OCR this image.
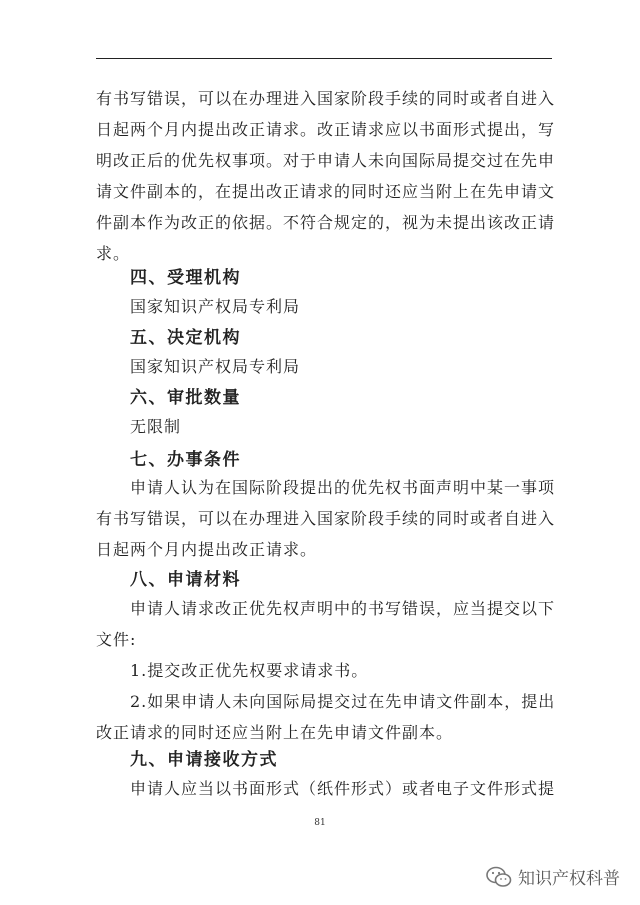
有书写错误，可以在办理进入国家阶段手续的同时或者自进入
日起两个月内提出改正请求。改正请求应以书面形式提出，写
明改正后的优先权事项。对于申请人未向国际局提交过在先申
请文件副本的，在提出改正请求的同时还应当附上在先申请文
件副本作为改正的依据。不符合规定的，视为未提出该改正请
求。
四、受理机构
国家知识产权局专利局
五、决定机构
国家知识产权局专利局
六、审批数量
无限制
七、办事条件
申请人认为在国际阶段提出的优先权书面声明中某一事项
有书写错误，可以在办理进入国家阶段手续的同时或者自进入
日起两个月内提出改正请求。
八、申请材料
申请人请求改正优先权声明中的书写错误，应当提交以下
文件:
1.提交改正优先权要求请求书。
2.如果申请人未向国际局提交过在先申请文件副本，提出
改正请求的同时还应当附上在先申请文件副本。
九、申请接收方式
申请人应当以书面形式（纸件形式）或者电子文件形式提
81
知识产权科普
